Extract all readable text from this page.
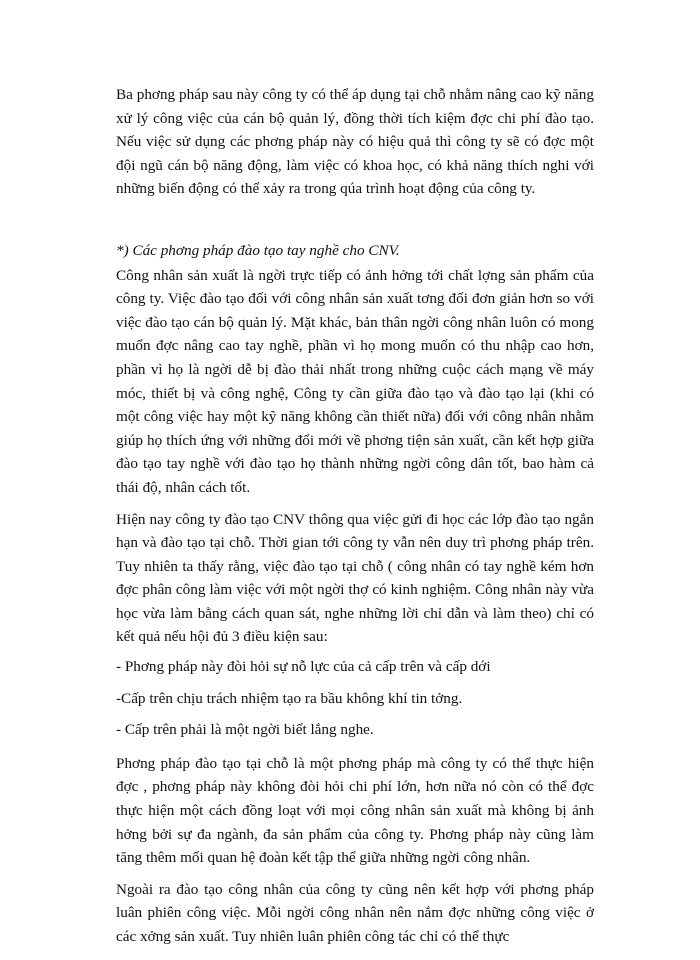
Ba phơng pháp sau này công ty có thể áp dụng tại chỗ nhằm nâng cao kỹ năng xử lý công việc của cán bộ quản lý, đồng thời tích kiệm đợc chi phí đào tạo. Nếu việc sử dụng các phơng pháp này có hiệu quả thì công ty sẽ có đợc một đội ngũ cán bộ năng động, làm việc có khoa học, có khả năng thích nghi với những biến động có thể xảy ra trong qúa trình hoạt động của công ty.

*) Các phơng pháp đào tạo tay nghề cho CNV.

Công nhân sản xuất là ngời trực tiếp có ảnh hởng tới chất lợng sản phẩm của công ty. Việc đào tạo đối với công nhân sản xuất tơng đối đơn giản hơn so với việc đào tạo cán bộ quản lý. Mặt khác, bản thân ngời công nhân luôn có mong muốn đợc nâng cao tay nghề, phần vì họ mong muốn có thu nhập cao hơn, phần vì họ là ngời dễ bị đào thải nhất trong những cuộc cách mạng về máy móc, thiết bị và công nghệ, Công ty cần giữa đào tạo và đào tạo lại (khi có một công việc hay một kỹ năng không cần thiết nữa) đối với công nhân nhằm giúp họ thích ứng với những đổi mới về phơng tiện sản xuất, cần kết hợp giữa đào tạo tay nghề với đào tạo họ thành những ngời công dân tốt, bao hàm cả thái độ, nhân cách tốt.

Hiện nay công ty đào tạo CNV thông qua việc gửi đi học các lớp đào tạo ngắn hạn và đào tạo tại chỗ. Thời gian tới công ty vẫn nên duy trì phơng pháp trên. Tuy nhiên ta thấy rằng, việc đào tạo tại chỗ ( công nhân có tay nghề kém hơn đợc phân công làm việc với một ngời thợ có kinh nghiệm. Công nhân này vừa học vừa làm bằng cách quan sát, nghe những lời chỉ dẫn và làm theo) chỉ có kết quả nếu hội đủ 3 điều kiện sau:

- Phơng pháp này đòi hỏi sự nỗ lực của cả cấp trên và cấp dới

-Cấp trên chịu trách nhiệm tạo ra bầu không khí tin tởng.

- Cấp trên phải là một ngời biết lắng nghe.

Phơng pháp đào tạo tại chỗ là một phơng pháp mà công ty có thể thực hiện đợc , phơng pháp này không đòi hỏi chi phí lớn, hơn nữa nó còn có thể đợc thực hiện một cách đồng loạt với mọi công nhân sản xuất mà không bị ảnh hởng bởi sự đa ngành, đa sản phẩm của công ty. Phơng pháp này cũng làm tăng thêm mối quan hệ đoàn kết tập thể giữa những ngời công nhân.

Ngoài ra đào tạo công nhân của công ty cũng nên kết hợp với phơng pháp luân phiên công việc. Mỗi ngời công nhân nên nắm đợc những công việc ở các xởng sản xuất. Tuy nhiên luân phiên công tác chỉ có thể thực
